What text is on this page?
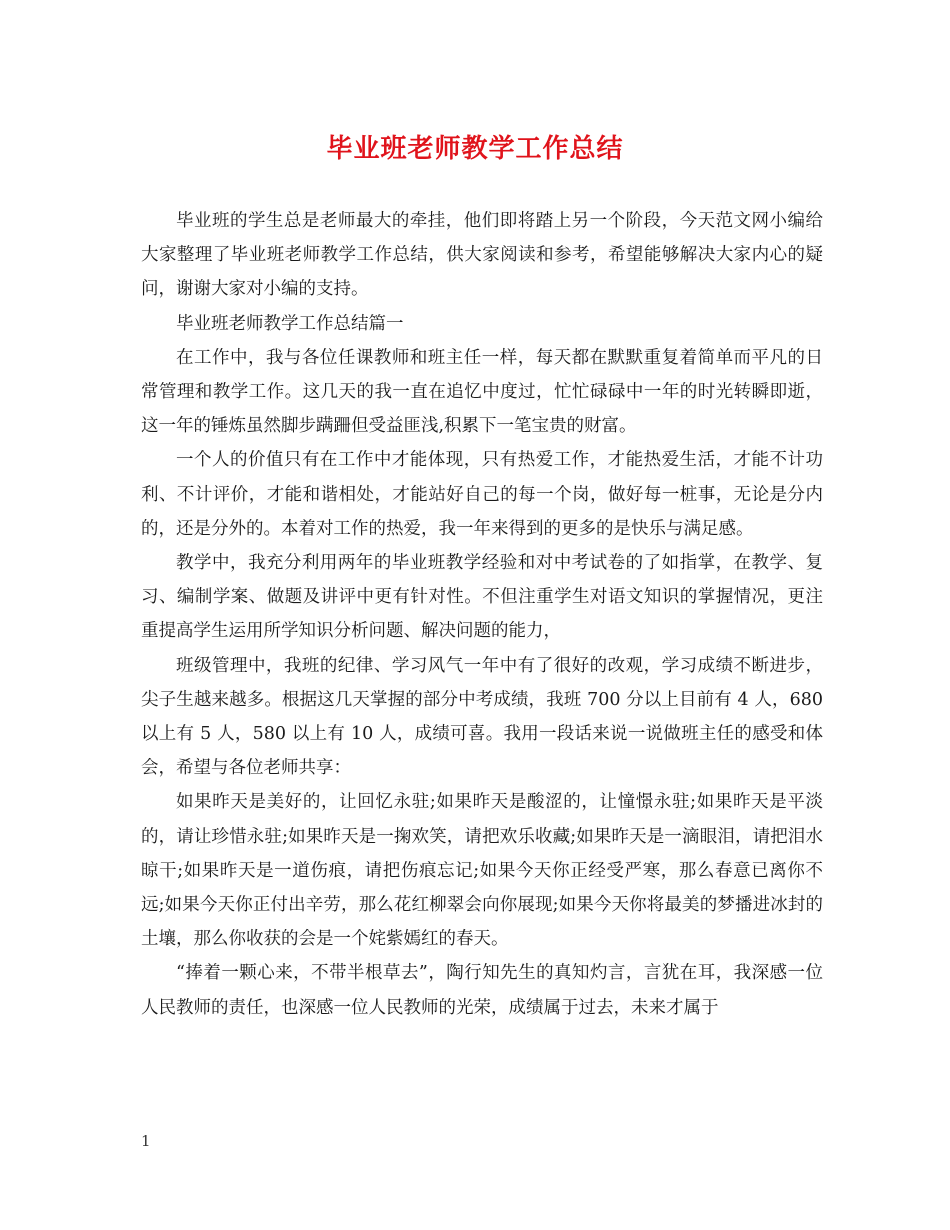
毕业班老师教学工作总结

毕业班的学生总是老师最大的牵挂，他们即将踏上另一个阶段，今天范文网小编给大家整理了毕业班老师教学工作总结，供大家阅读和参考，希望能够解决大家内心的疑问，谢谢大家对小编的支持。

毕业班老师教学工作总结篇一

在工作中，我与各位任课教师和班主任一样，每天都在默默重复着简单而平凡的日常管理和教学工作。这几天的我一直在追忆中度过，忙忙碌碌中一年的时光转瞬即逝，这一年的锤炼虽然脚步蹒跚但受益匪浅,积累下一笔宝贵的财富。

一个人的价值只有在工作中才能体现，只有热爱工作，才能热爱生活，才能不计功利、不计评价，才能和谐相处，才能站好自己的每一个岗，做好每一桩事，无论是分内的，还是分外的。本着对工作的热爱，我一年来得到的更多的是快乐与满足感。

教学中，我充分利用两年的毕业班教学经验和对中考试卷的了如指掌，在教学、复习、编制学案、做题及讲评中更有针对性。不但注重学生对语文知识的掌握情况，更注重提高学生运用所学知识分析问题、解决问题的能力，

班级管理中，我班的纪律、学习风气一年中有了很好的改观，学习成绩不断进步，尖子生越来越多。根据这几天掌握的部分中考成绩，我班 700 分以上目前有 4 人，680 以上有 5 人，580 以上有 10 人，成绩可喜。我用一段话来说一说做班主任的感受和体会，希望与各位老师共享：

如果昨天是美好的，让回忆永驻;如果昨天是酸涩的，让憧憬永驻;如果昨天是平淡的，请让珍惜永驻;如果昨天是一掬欢笑，请把欢乐收藏;如果昨天是一滴眼泪，请把泪水晾干;如果昨天是一道伤痕，请把伤痕忘记;如果今天你正经受严寒，那么春意已离你不远;如果今天你正付出辛劳，那么花红柳翠会向你展现;如果今天你将最美的梦播进冰封的土壤，那么你收获的会是一个姹紫嫣红的春天。

“捧着一颗心来，不带半根草去”，陶行知先生的真知灼言，言犹在耳，我深感一位人民教师的责任，也深感一位人民教师的光荣，成绩属于过去，未来才属于

1
